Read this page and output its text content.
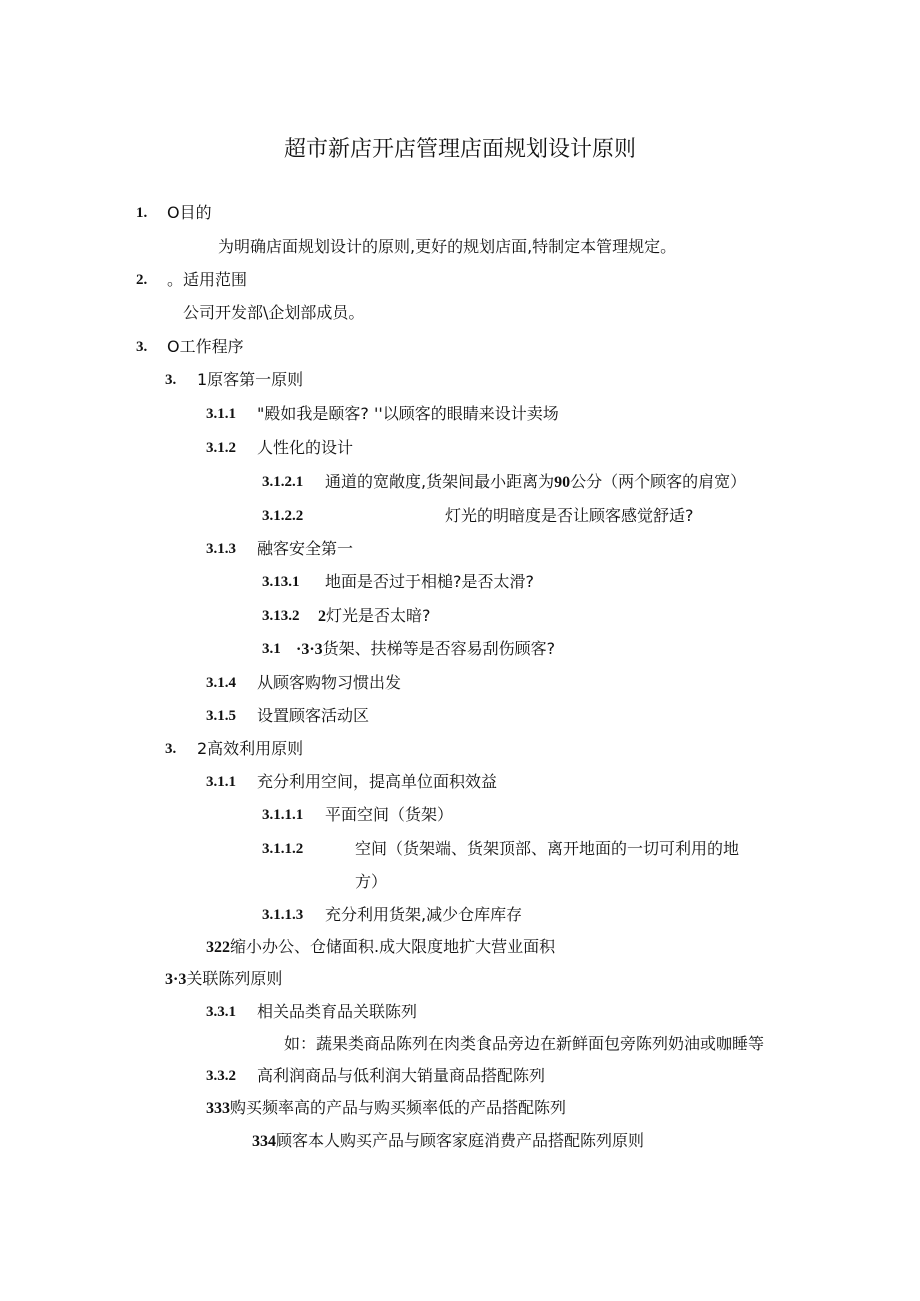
超市新店开店管理店面规划设计原则
1. O目的
为明确店面规划设计的原则,更好的规划店面,特制定本管理规定。
2. 。适用范围
公司开发部\企划部成员。
3. O工作程序
3. 1原客第一原则
3.1.1 "殿如我是颐客? ''以顾客的眼睛来设计卖场
3.1.2 人性化的设计
3.1.2.1 通道的宽敞度,货架间最小距离为90公分（两个顾客的肩宽）
3.1.2.2	灯光的明暗度是否让顾客感觉舒适?
3.1.3 融客安全第一
3.13.1 地面是否过于相槌?是否太滑?
3.13.2 2灯光是否太暗?
3.1 ·3·3货架、扶梯等是否容易刮伤顾客?
3.1.4 从顾客购物习惯出发
3.1.5 设置顾客活动区
3. 2高效利用原则
3.1.1 充分利用空间，提高单位面积效益
3.1.1.1 平面空间（货架）
3.1.1.2	空间（货架端、货架顶部、离开地面的一切可利用的地
方）
3.1.1.3 充分利用货架,减少仓库库存
322缩小办公、仓储面积.成大限度地扩大营业面积
3·3关联陈列原则
3.3.1 相关品类育品关联陈列
如：蔬果类商品陈列在肉类食品旁边在新鲜面包旁陈列奶油或咖睡等
3.3.2 高利润商品与低利润大销量商品搭配陈列
333购买频率高的产品与购买频率低的产品搭配陈列
334顾客本人购买产品与顾客家庭消费产品搭配陈列原则
